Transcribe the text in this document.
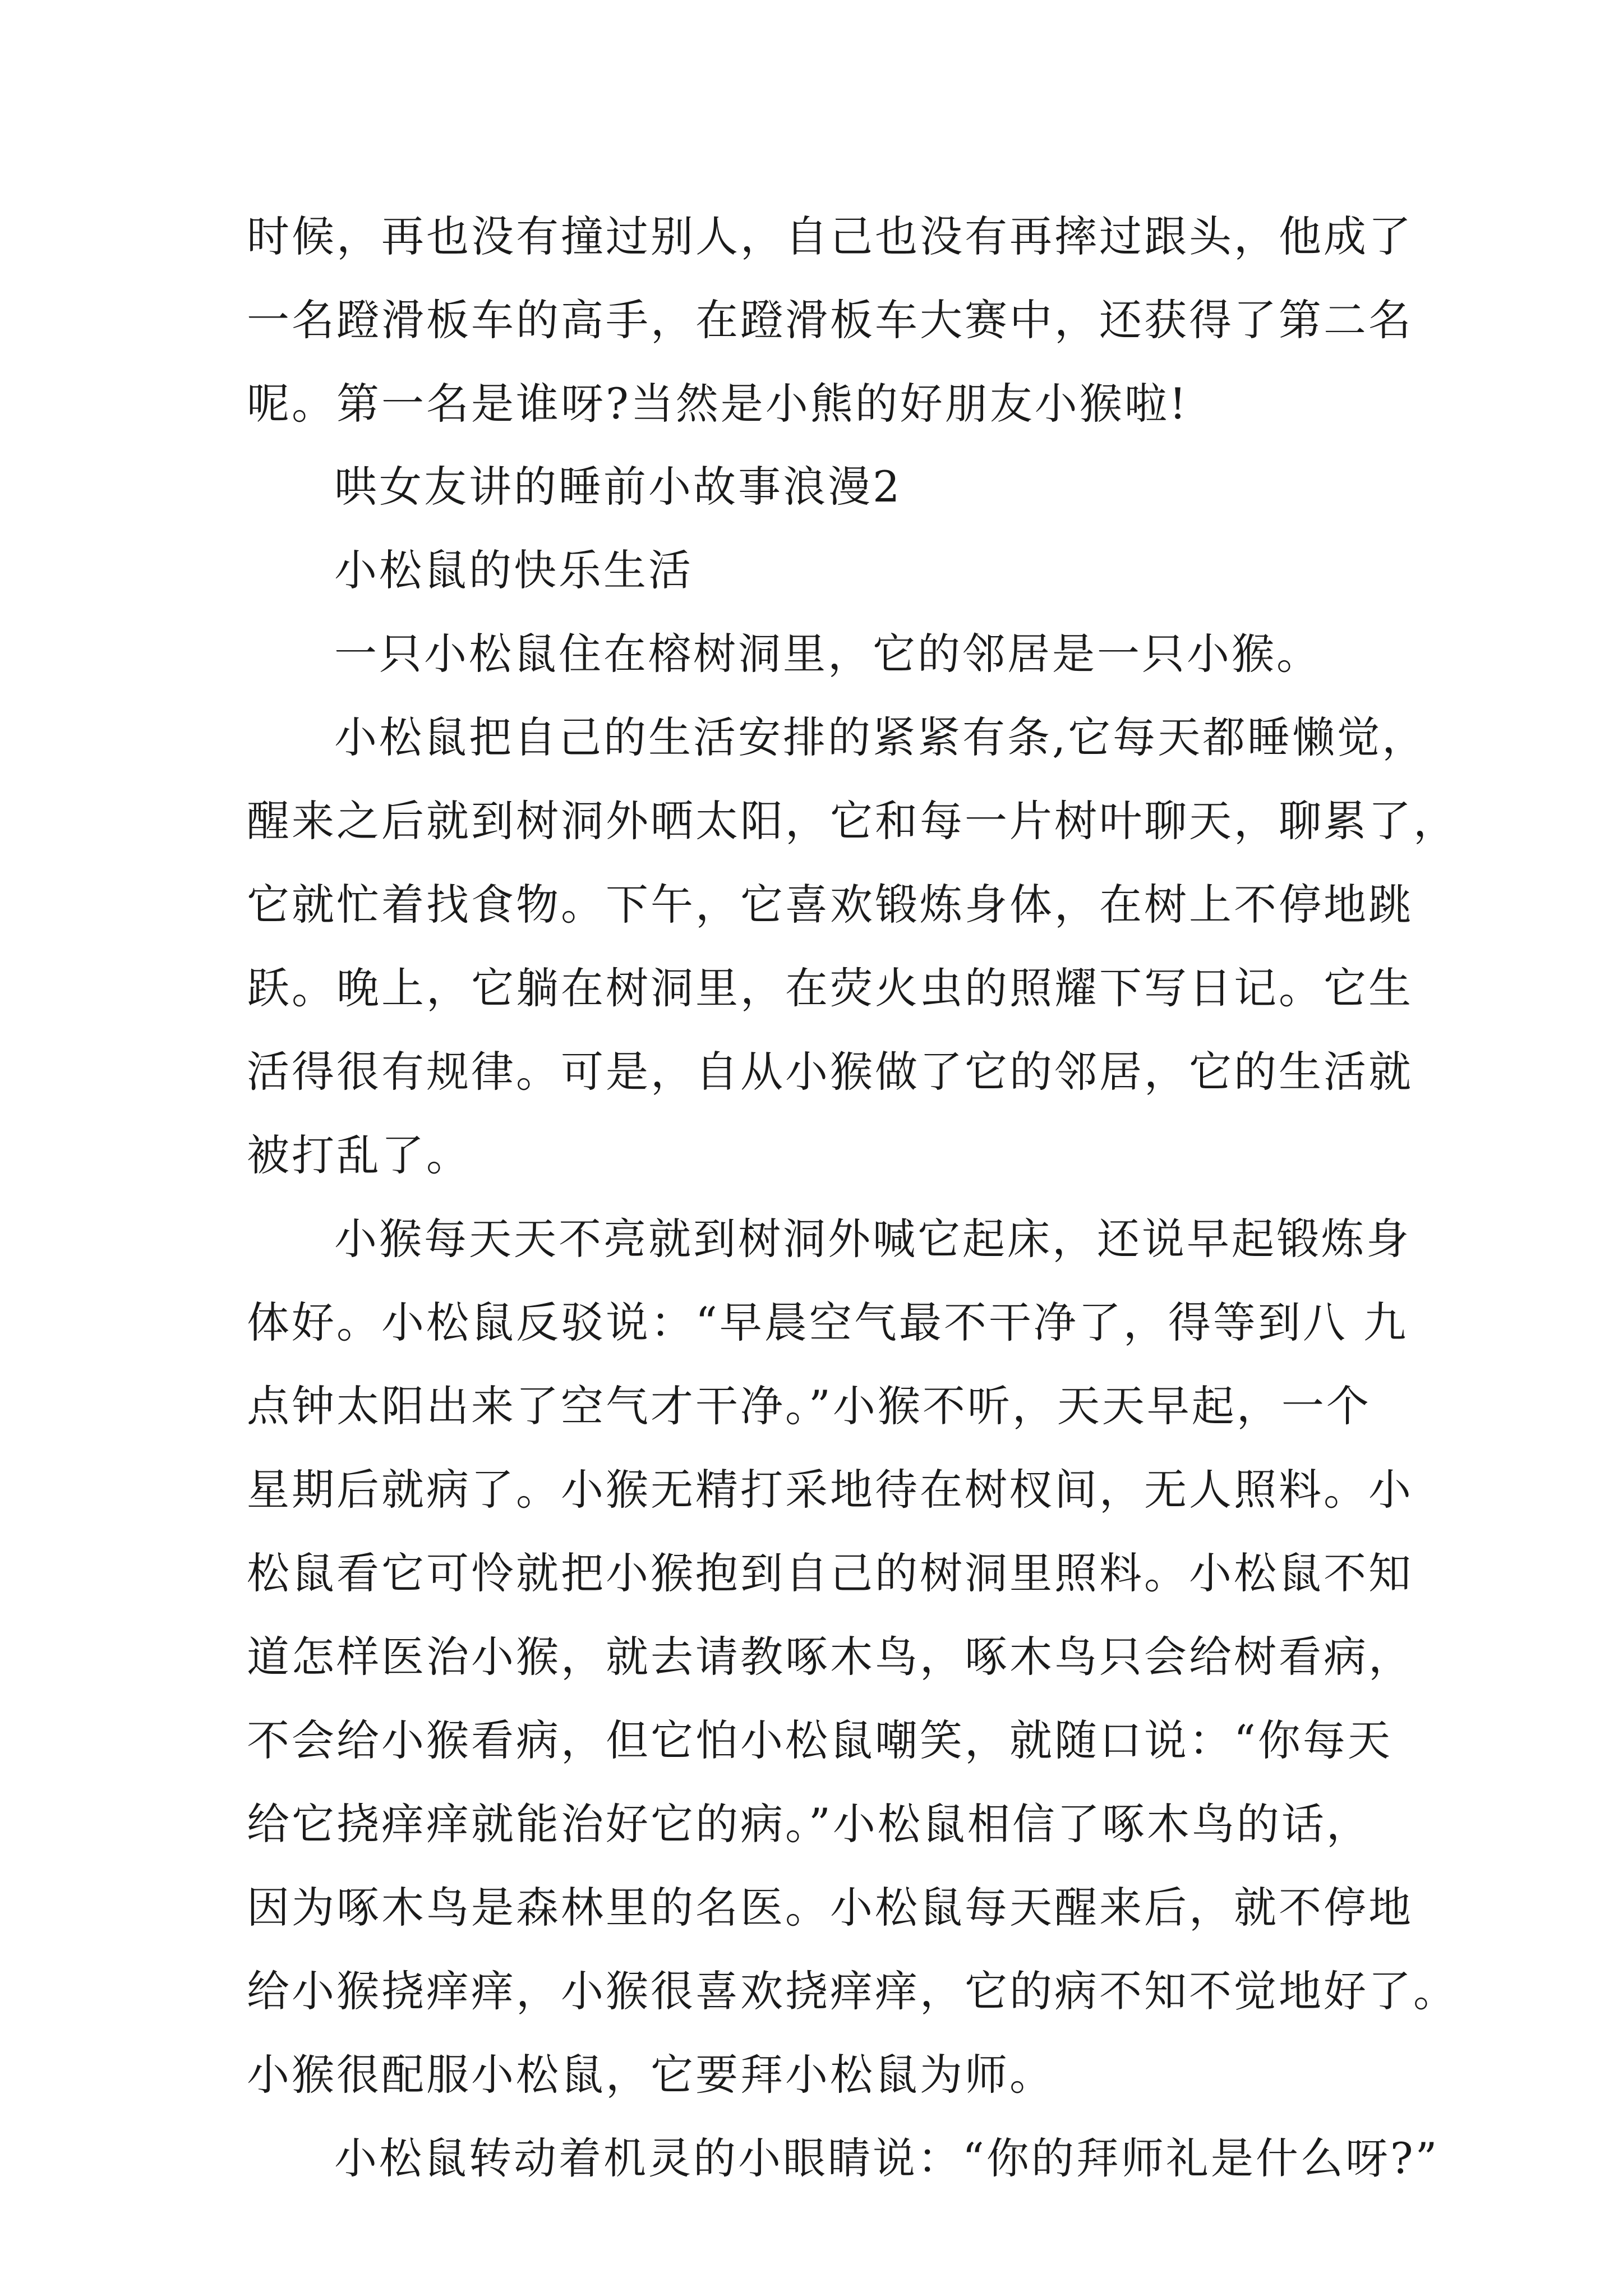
时候，再也没有撞过别人，自己也没有再摔过跟头，他成了
一名蹬滑板车的高手，在蹬滑板车大赛中，还获得了第二名
呢。第一名是谁呀?当然是小熊的好朋友小猴啦!
哄女友讲的睡前小故事浪漫2
小松鼠的快乐生活
一只小松鼠住在榕树洞里，它的邻居是一只小猴。
小松鼠把自己的生活安排的紧紧有条,它每天都睡懒觉，
醒来之后就到树洞外晒太阳，它和每一片树叶聊天，聊累了，
它就忙着找食物。下午，它喜欢锻炼身体，在树上不停地跳
跃。晚上，它躺在树洞里，在荧火虫的照耀下写日记。它生
活得很有规律。可是，自从小猴做了它的邻居，它的生活就
被打乱了。
小猴每天天不亮就到树洞外喊它起床，还说早起锻炼身
体好。小松鼠反驳说：“早晨空气最不干净了，得等到八 九
点钟太阳出来了空气才干净。”小猴不听，天天早起，一个
星期后就病了。小猴无精打采地待在树杈间，无人照料。小
松鼠看它可怜就把小猴抱到自己的树洞里照料。小松鼠不知
道怎样医治小猴，就去请教啄木鸟，啄木鸟只会给树看病，
不会给小猴看病，但它怕小松鼠嘲笑，就随口说：“你每天
给它挠痒痒就能治好它的病。”小松鼠相信了啄木鸟的话，
因为啄木鸟是森林里的名医。小松鼠每天醒来后，就不停地
给小猴挠痒痒，小猴很喜欢挠痒痒，它的病不知不觉地好了。
小猴很配服小松鼠，它要拜小松鼠为师。
小松鼠转动着机灵的小眼睛说：“你的拜师礼是什么呀?”
